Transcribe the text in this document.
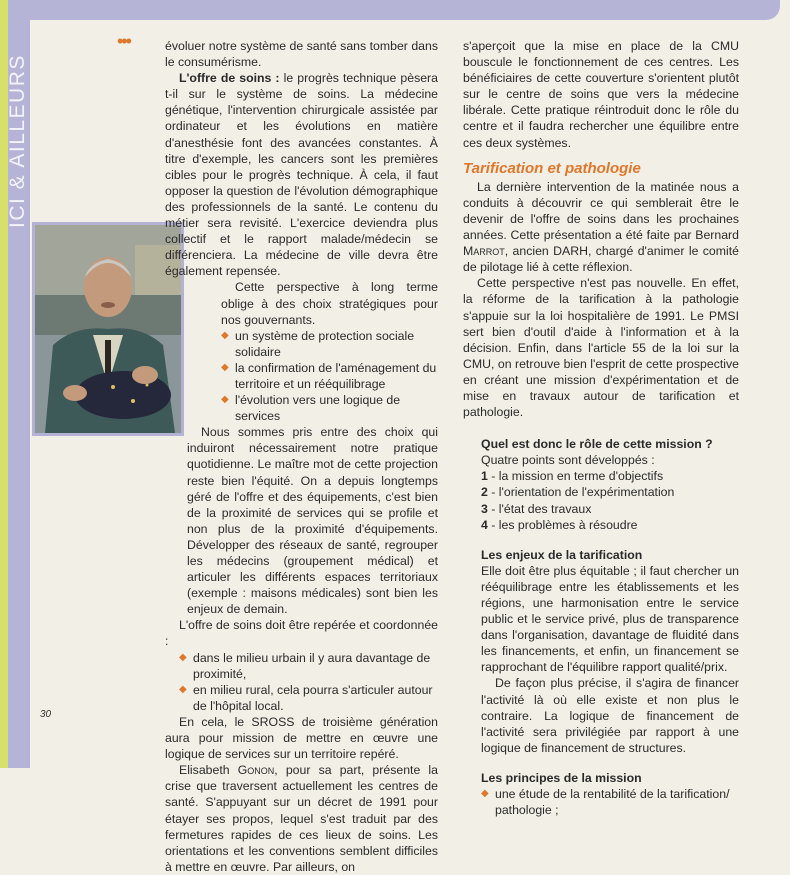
ICI & AILLEURS
•••	évoluer notre système de santé sans tomber dans le consumérisme.

L'offre de soins : le progrès technique pèsera t-il sur le système de soins. La médecine génétique, l'intervention chirurgicale assistée par ordinateur et les évolutions en matière d'anesthésie font des avancées constantes. À titre d'exemple, les cancers sont les premières cibles pour le progrès technique. À cela, il faut opposer la question de l'évolution démographique des professionnels de la santé. Le contenu du métier sera revisité. L'exercice deviendra plus collectif et le rapport malade/médecin se différenciera. La médecine de ville devra être également repensée.

Cette perspective à long terme oblige à des choix stratégiques pour nos gouvernants.

◆ un système de protection sociale solidaire

◆ la confirmation de l'aménagement du territoire et un rééquilibrage

◆ l'évolution vers une logique de services

Nous sommes pris entre des choix qui induiront nécessairement notre pratique quotidienne. Le maître mot de cette projection reste bien l'équité. On a depuis longtemps géré de l'offre et des équipements, c'est bien de la proximité de services qui se profile et non plus de la proximité d'équipements. Développer des réseaux de santé, regrouper les médecins (groupement médical) et articuler les différents espaces territoriaux (exemple : maisons médicales) sont bien les enjeux de demain.

L'offre de soins doit être repérée et coordonnée :

◆ dans le milieu urbain il y aura davantage de proximité,

◆ en milieu rural, cela pourra s'articuler autour de l'hôpital local.

En cela, le SROSS de troisième génération aura pour mission de mettre en œuvre une logique de services sur un territoire repéré.

Elisabeth Gonon, pour sa part, présente la crise que traversent actuellement les centres de santé. S'appuyant sur un décret de 1991 pour étayer ses propos, lequel s'est traduit par des fermetures rapides de ces lieux de soins. Les orientations et les conventions semblent difficiles à mettre en œuvre. Par ailleurs, on

s'aperçoit que la mise en place de la CMU bouscule le fonctionnement de ces centres. Les bénéficiaires de cette couverture s'orientent plutôt sur le centre de soins que vers la médecine libérale. Cette pratique réintroduit donc le rôle du centre et il faudra rechercher une équilibre entre ces deux systèmes.

Tarification et pathologie

La dernière intervention de la matinée nous a conduits à découvrir ce qui semblerait être le devenir de l'offre de soins dans les prochaines années. Cette présentation a été faite par Bernard Marrot, ancien DARH, chargé d'animer le comité de pilotage lié à cette réflexion.

Cette perspective n'est pas nouvelle. En effet, la réforme de la tarification à la pathologie s'appuie sur la loi hospitalière de 1991. Le PMSI sert bien d'outil d'aide à l'information et à la décision. Enfin, dans l'article 55 de la loi sur la CMU, on retrouve bien l'esprit de cette prospective en créant une mission d'expérimentation et de mise en travaux autour de tarification et pathologie.

Quel est donc le rôle de cette mission ?

Quatre points sont développés :

1 - la mission en terme d'objectifs

2 - l'orientation de l'expérimentation

3 - l'état des travaux

4 - les problèmes à résoudre

Les enjeux de la tarification

Elle doit être plus équitable ; il faut chercher un rééquilibrage entre les établissements et les régions, une harmonisation entre le service public et le service privé, plus de transparence dans l'organisation, davantage de fluidité dans les financements, et enfin, un financement se rapprochant de l'équilibre rapport qualité/prix.

De façon plus précise, il s'agira de financer l'activité là où elle existe et non plus le contraire. La logique de financement de l'activité sera privilégiée par rapport à une logique de financement de structures.

Les principes de la mission

◆ une étude de la rentabilité de la tarification/ pathologie ;

30
